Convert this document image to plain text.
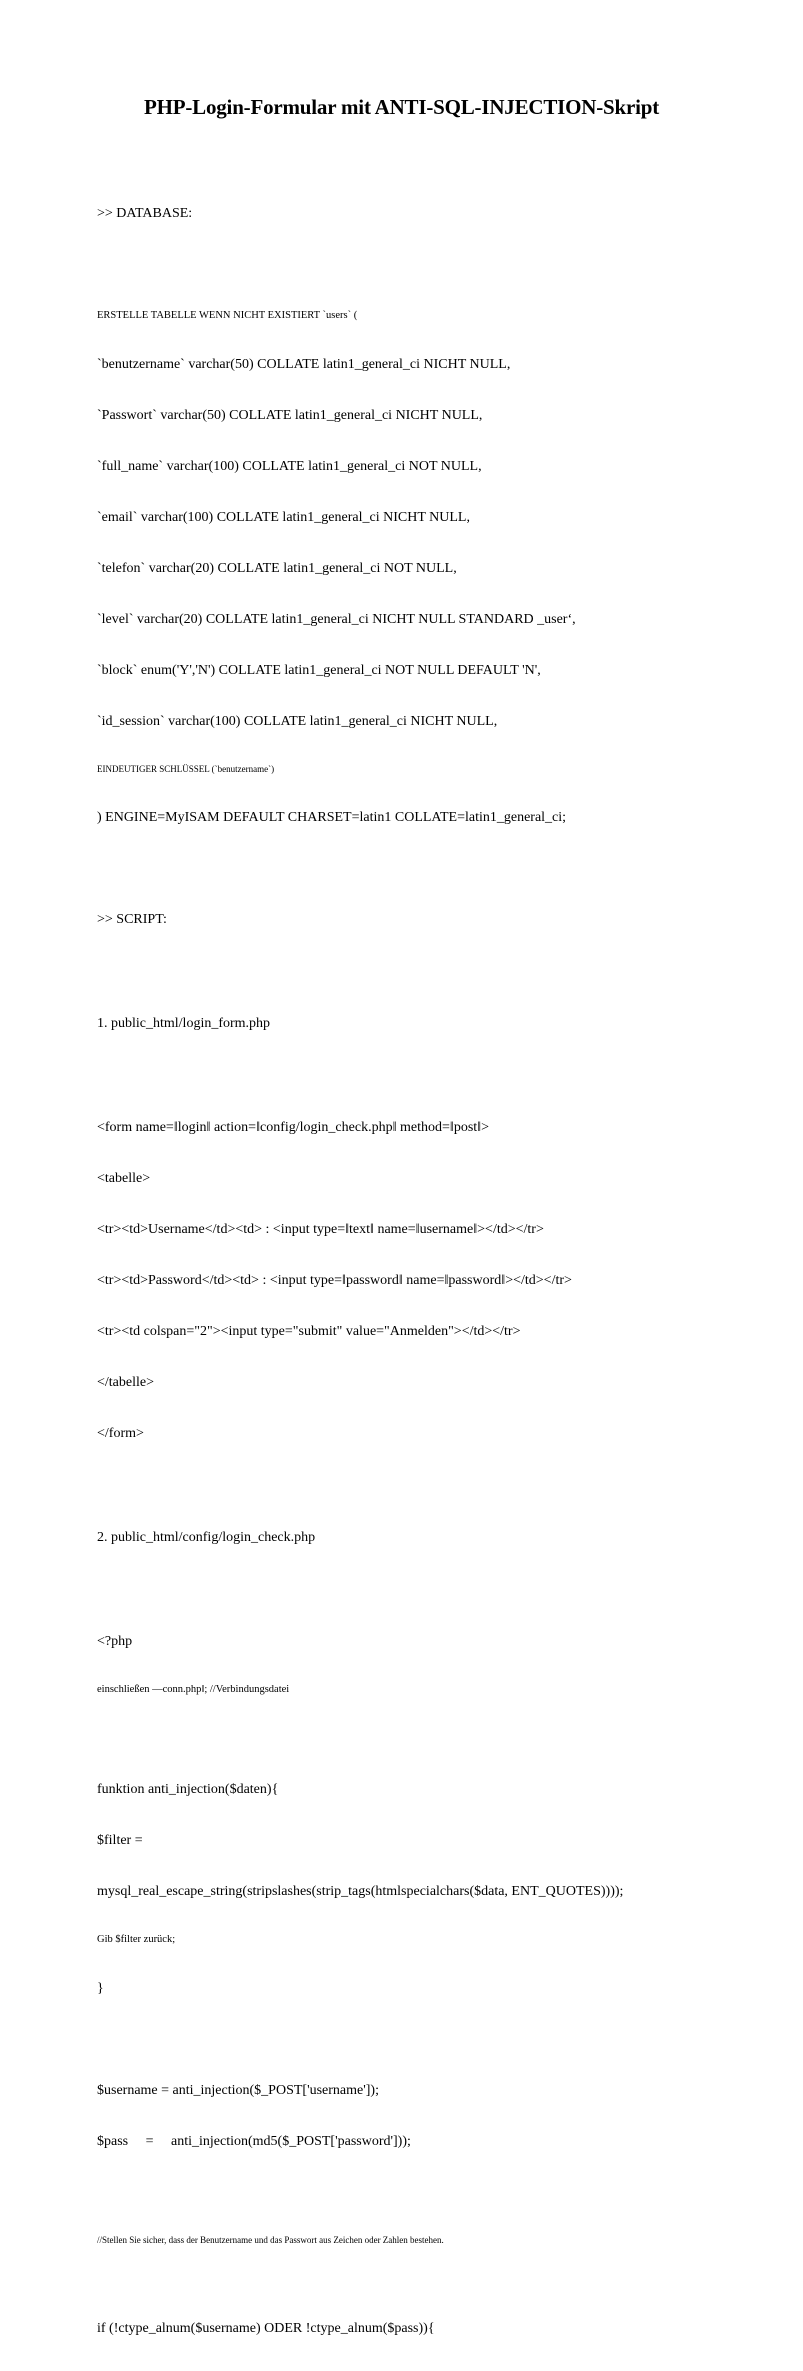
PHP-Login-Formular mit ANTI-SQL-INJECTION-Skript

>> DATABASE:

ERSTELLE TABELLE WENN NICHT EXISTIERT `users` (

`benutzername` varchar(50) COLLATE latin1_general_ci NICHT NULL,

`Passwort` varchar(50) COLLATE latin1_general_ci NICHT NULL,

`full_name` varchar(100) COLLATE latin1_general_ci NOT NULL,

`email` varchar(100) COLLATE latin1_general_ci NICHT NULL,

`telefon` varchar(20) COLLATE latin1_general_ci NOT NULL,

`level` varchar(20) COLLATE latin1_general_ci NICHT NULL STANDARD _user‘,

`block` enum('Y','N') COLLATE latin1_general_ci NOT NULL DEFAULT 'N',

`id_session` varchar(100) COLLATE latin1_general_ci NICHT NULL,

EINDEUTIGER SCHLÜSSEL (`benutzername`)

) ENGINE=MyISAM DEFAULT CHARSET=latin1 COLLATE=latin1_general_ci;

>> SCRIPT:

1. public_html/login_form.php

<form name=‖login‖ action=‖config/login_check.php‖ method=‖post‖>

<tabelle>

<tr><td>Username</td><td> : <input type=‖text‖ name=‖username‖></td></tr>

<tr><td>Password</td><td> : <input type=‖password‖ name=‖password‖></td></tr>

<tr><td colspan="2"><input type="submit" value="Anmelden"></td></tr>

</tabelle>

</form>

2. public_html/config/login_check.php

<?php

einschließen —conn.php‖; //Verbindungsdatei

funktion anti_injection($daten){

$filter =

mysql_real_escape_string(stripslashes(strip_tags(htmlspecialchars($data, ENT_QUOTES))));

Gib $filter zurück;

}

$username = anti_injection($_POST['username']);

$pass     =     anti_injection(md5($_POST['password']));

//Stellen Sie sicher, dass der Benutzername und das Passwort aus Zeichen oder Zahlen bestehen.

if (!ctype_alnum($username) ODER !ctype_alnum($pass)){
